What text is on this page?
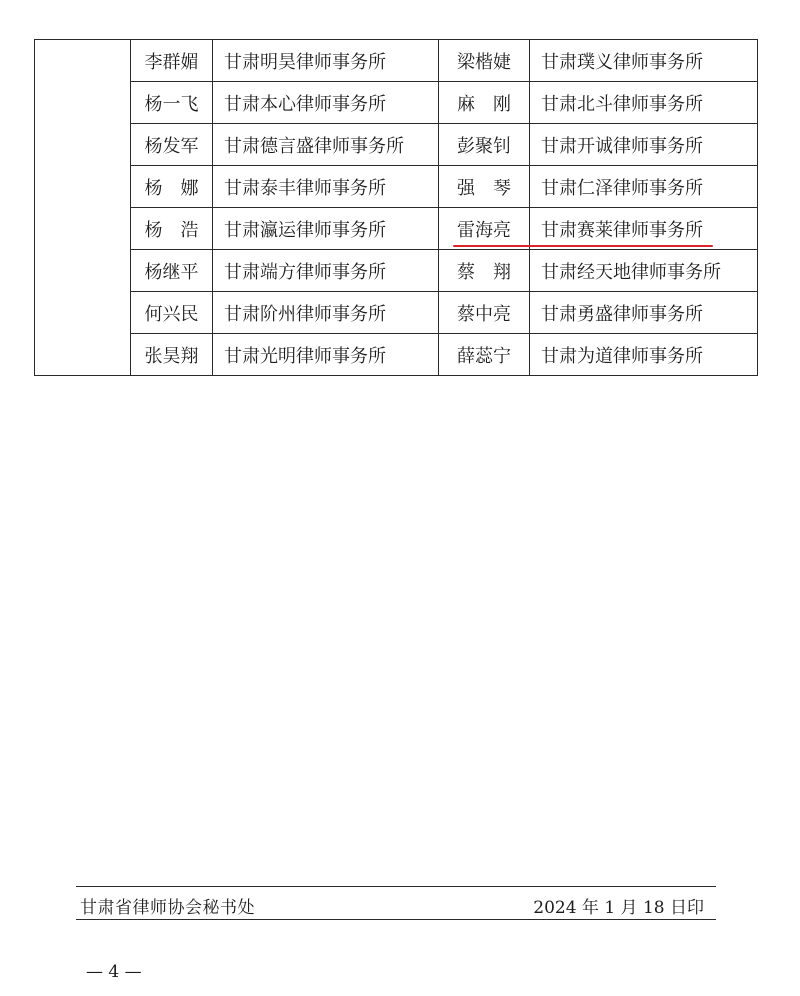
	李群媚	甘肃明昊律师事务所	梁楷婕	甘肃璞义律师事务所
	杨一飞	甘肃本心律师事务所	麻　刚	甘肃北斗律师事务所
	杨发军	甘肃德言盛律师事务所	彭聚钊	甘肃开诚律师事务所
	杨　娜	甘肃泰丰律师事务所	强　琴	甘肃仁泽律师事务所
	杨　浩	甘肃瀛运律师事务所	雷海亮	甘肃赛莱律师事务所
	杨继平	甘肃端方律师事务所	蔡　翔	甘肃经天地律师事务所
	何兴民	甘肃阶州律师事务所	蔡中亮	甘肃勇盛律师事务所
	张昊翔	甘肃光明律师事务所	薛蕊宁	甘肃为道律师事务所
甘肃省律师协会秘书处	2024 年 1 月 18 日印
— 4 —
